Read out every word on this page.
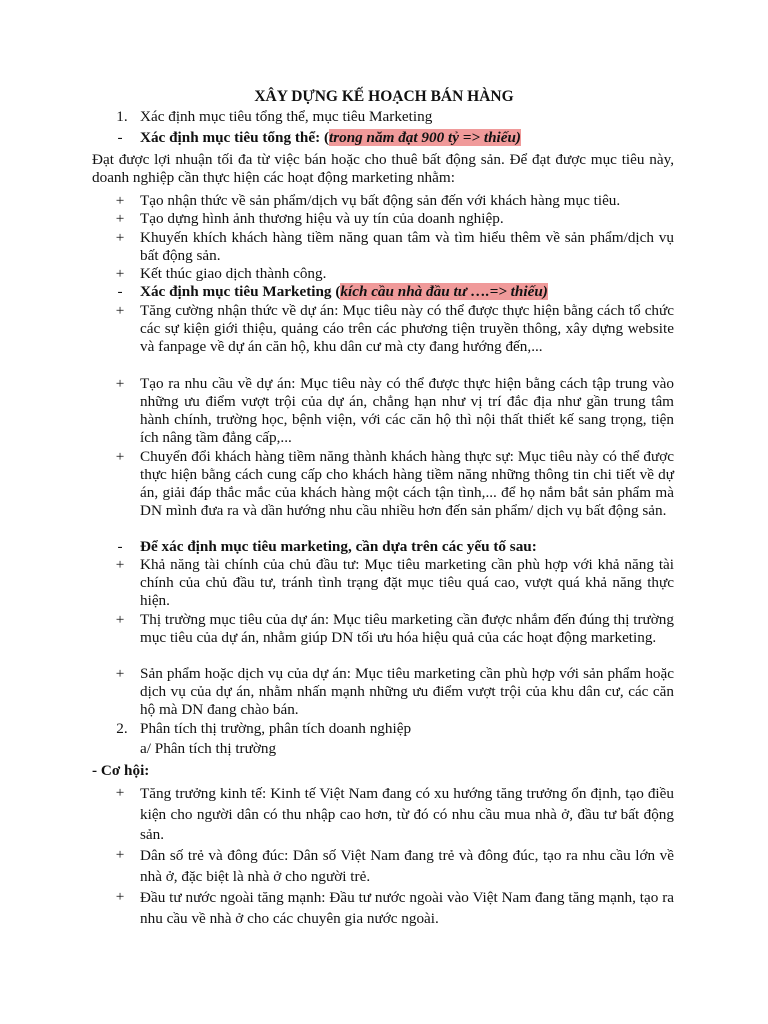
XÂY DỰNG KẾ HOẠCH BÁN HÀNG
1. Xác định mục tiêu tổng thể, mục tiêu Marketing
-	Xác định mục tiêu tổng thể: (trong năm đạt 900 tỷ => thiếu)
Đạt được lợi nhuận tối đa từ việc bán hoặc cho thuê bất động sản. Để đạt được mục tiêu này, doanh nghiệp cần thực hiện các hoạt động marketing nhằm:
+	Tạo nhận thức về sản phẩm/dịch vụ bất động sản đến với khách hàng mục tiêu.
+	Tạo dựng hình ảnh thương hiệu và uy tín của doanh nghiệp.
+	Khuyến khích khách hàng tiềm năng quan tâm và tìm hiểu thêm về sản phẩm/dịch vụ bất động sản.
+	Kết thúc giao dịch thành công.
-	Xác định mục tiêu Marketing (kích cầu nhà đầu tư ….=> thiếu)
+	Tăng cường nhận thức về dự án: Mục tiêu này có thể được thực hiện bằng cách tổ chức các sự kiện giới thiệu, quảng cáo trên các phương tiện truyền thông, xây dựng website và fanpage về dự án căn hộ, khu dân cư mà cty đang hướng đến,...
+	Tạo ra nhu cầu về dự án: Mục tiêu này có thể được thực hiện bằng cách tập trung vào những ưu điểm vượt trội của dự án, chẳng hạn như vị trí đắc địa như gần trung tâm hành chính, trường học, bệnh viện, với các căn hộ thì nội thất thiết kế sang trọng, tiện ích nâng tầm đẳng cấp,...
+	Chuyển đổi khách hàng tiềm năng thành khách hàng thực sự: Mục tiêu này có thể được thực hiện bằng cách cung cấp cho khách hàng tiềm năng những thông tin chi tiết về dự án, giải đáp thắc mắc của khách hàng một cách tận tình,... để họ nắm bắt sản phẩm mà DN mình đưa ra và dần hướng nhu cầu nhiều hơn đến sản phẩm/ dịch vụ bất động sản.
-	Để xác định mục tiêu marketing, cần dựa trên các yếu tố sau:
+	Khả năng tài chính của chủ đầu tư: Mục tiêu marketing cần phù hợp với khả năng tài chính của chủ đầu tư, tránh tình trạng đặt mục tiêu quá cao, vượt quá khả năng thực hiện.
+	Thị trường mục tiêu của dự án: Mục tiêu marketing cần được nhắm đến đúng thị trường mục tiêu của dự án, nhằm giúp DN tối ưu hóa hiệu quả của các hoạt động marketing.
+	Sản phẩm hoặc dịch vụ của dự án: Mục tiêu marketing cần phù hợp với sản phẩm hoặc dịch vụ của dự án, nhằm nhấn mạnh những ưu điểm vượt trội của khu dân cư, các căn hộ mà DN đang chào bán.
2. Phân tích thị trường, phân tích doanh nghiệp
a/ Phân tích thị trường
- Cơ hội:
+	Tăng trưởng kinh tế: Kinh tế Việt Nam đang có xu hướng tăng trưởng ổn định, tạo điều kiện cho người dân có thu nhập cao hơn, từ đó có nhu cầu mua nhà ở, đầu tư bất động sản.
+	Dân số trẻ và đông đúc: Dân số Việt Nam đang trẻ và đông đúc, tạo ra nhu cầu lớn về nhà ở, đặc biệt là nhà ở cho người trẻ.
+	Đầu tư nước ngoài tăng mạnh: Đầu tư nước ngoài vào Việt Nam đang tăng mạnh, tạo ra nhu cầu về nhà ở cho các chuyên gia nước ngoài.
